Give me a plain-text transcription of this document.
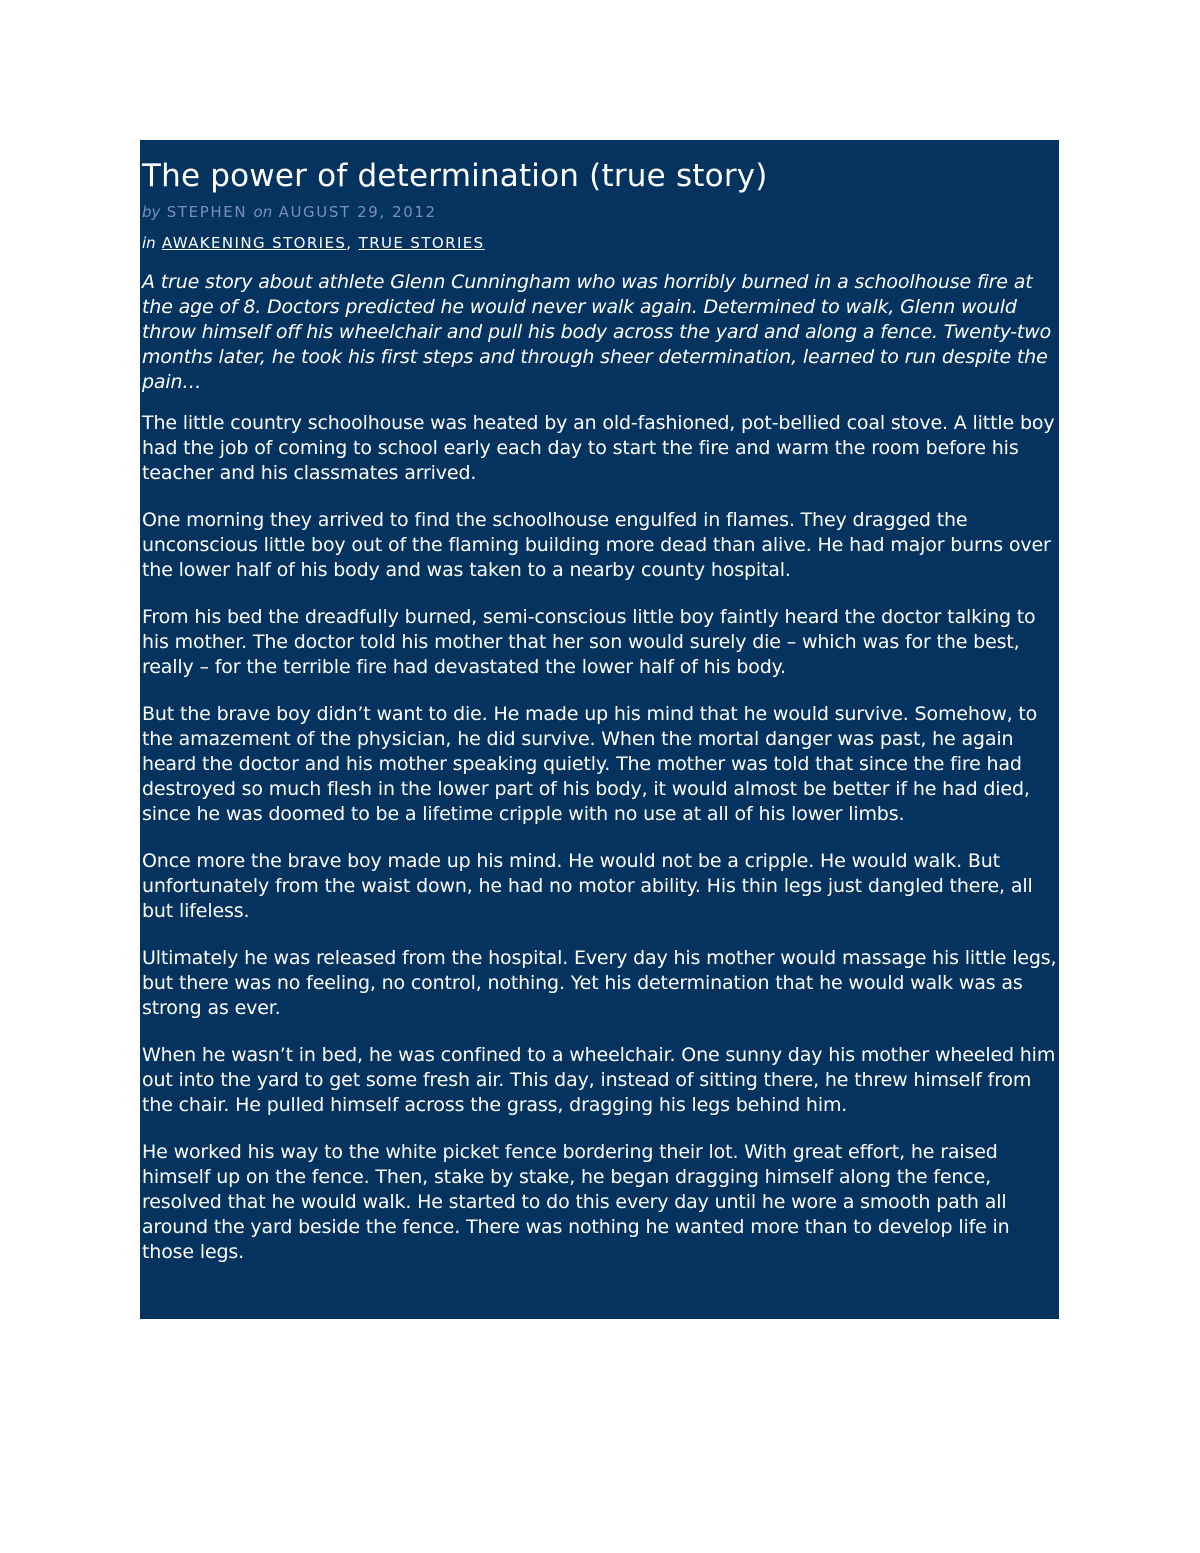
The power of determination (true story)
by STEPHEN on AUGUST 29, 2012
in AWAKENING STORIES, TRUE STORIES

A true story about athlete Glenn Cunningham who was horribly burned in a schoolhouse fire at the age of 8. Doctors predicted he would never walk again. Determined to walk, Glenn would throw himself off his wheelchair and pull his body across the yard and along a fence. Twenty-two months later, he took his first steps and through sheer determination, learned to run despite the pain…

The little country schoolhouse was heated by an old-fashioned, pot-bellied coal stove. A little boy had the job of coming to school early each day to start the fire and warm the room before his teacher and his classmates arrived.

One morning they arrived to find the schoolhouse engulfed in flames. They dragged the unconscious little boy out of the flaming building more dead than alive. He had major burns over the lower half of his body and was taken to a nearby county hospital.

From his bed the dreadfully burned, semi-conscious little boy faintly heard the doctor talking to his mother. The doctor told his mother that her son would surely die – which was for the best, really – for the terrible fire had devastated the lower half of his body.

But the brave boy didn’t want to die. He made up his mind that he would survive. Somehow, to the amazement of the physician, he did survive. When the mortal danger was past, he again heard the doctor and his mother speaking quietly. The mother was told that since the fire had destroyed so much flesh in the lower part of his body, it would almost be better if he had died, since he was doomed to be a lifetime cripple with no use at all of his lower limbs.

Once more the brave boy made up his mind. He would not be a cripple. He would walk. But unfortunately from the waist down, he had no motor ability. His thin legs just dangled there, all but lifeless.

Ultimately he was released from the hospital. Every day his mother would massage his little legs, but there was no feeling, no control, nothing. Yet his determination that he would walk was as strong as ever.

When he wasn’t in bed, he was confined to a wheelchair. One sunny day his mother wheeled him out into the yard to get some fresh air. This day, instead of sitting there, he threw himself from the chair. He pulled himself across the grass, dragging his legs behind him.

He worked his way to the white picket fence bordering their lot. With great effort, he raised himself up on the fence. Then, stake by stake, he began dragging himself along the fence, resolved that he would walk. He started to do this every day until he wore a smooth path all around the yard beside the fence. There was nothing he wanted more than to develop life in those legs.
